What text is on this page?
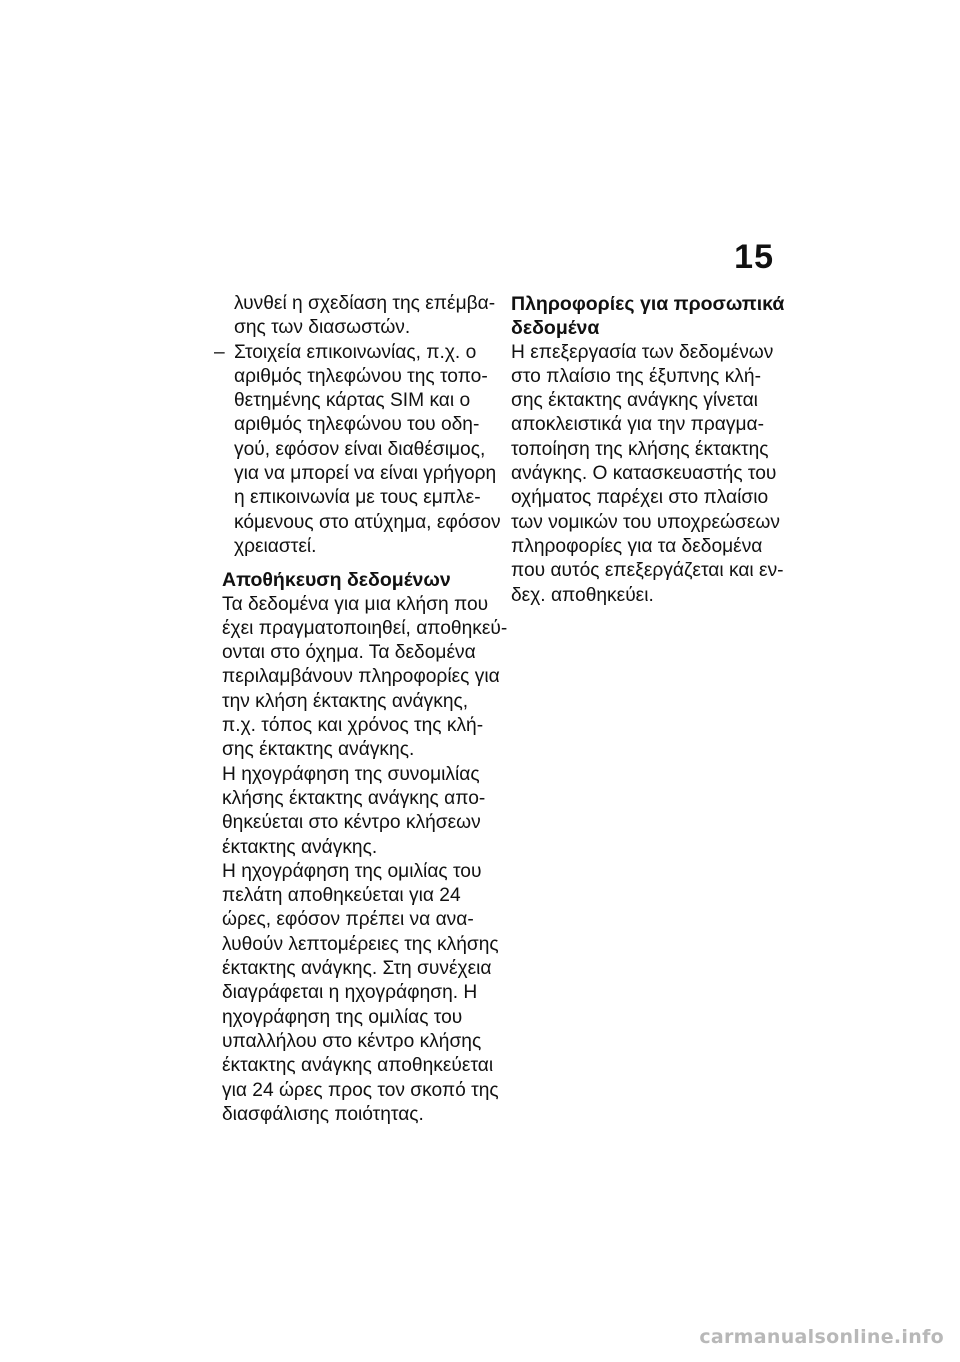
15
λυνθεί η σχεδίαση της επέμβα-
σης των διασωστών.
– Στοιχεία επικοινωνίας, π.χ. ο
αριθμός τηλεφώνου της τοπο-
θετημένης κάρτας SIM και ο
αριθμός τηλεφώνου του οδη-
γού, εφόσον είναι διαθέσιμος,
για να μπορεί να είναι γρήγορη
η επικοινωνία με τους εμπλε-
κόμενους στο ατύχημα, εφόσον
χρειαστεί.
Αποθήκευση δεδομένων
Τα δεδομένα για μια κλήση που
έχει πραγματοποιηθεί, αποθηκεύ-
ονται στο όχημα. Τα δεδομένα
περιλαμβάνουν πληροφορίες για
την κλήση έκτακτης ανάγκης,
π.χ. τόπος και χρόνος της κλή-
σης έκτακτης ανάγκης.
Η ηχογράφηση της συνομιλίας
κλήσης έκτακτης ανάγκης απο-
θηκεύεται στο κέντρο κλήσεων
έκτακτης ανάγκης.
Η ηχογράφηση της ομιλίας του
πελάτη αποθηκεύεται για 24
ώρες, εφόσον πρέπει να ανα-
λυθούν λεπτομέρειες της κλήσης
έκτακτης ανάγκης. Στη συνέχεια
διαγράφεται η ηχογράφηση. Η
ηχογράφηση της ομιλίας του
υπαλλήλου στο κέντρο κλήσης
έκτακτης ανάγκης αποθηκεύεται
για 24 ώρες προς τον σκοπό της
διασφάλισης ποιότητας.
Πληροφορίες για προσωπικά
δεδομένα
Η επεξεργασία των δεδομένων
στο πλαίσιο της έξυπνης κλή-
σης έκτακτης ανάγκης γίνεται
αποκλειστικά για την πραγμα-
τοποίηση της κλήσης έκτακτης
ανάγκης. Ο κατασκευαστής του
οχήματος παρέχει στο πλαίσιο
των νομικών του υποχρεώσεων
πληροφορίες για τα δεδομένα
που αυτός επεξεργάζεται και εν-
δεχ. αποθηκεύει.
carmanualsonline.info
